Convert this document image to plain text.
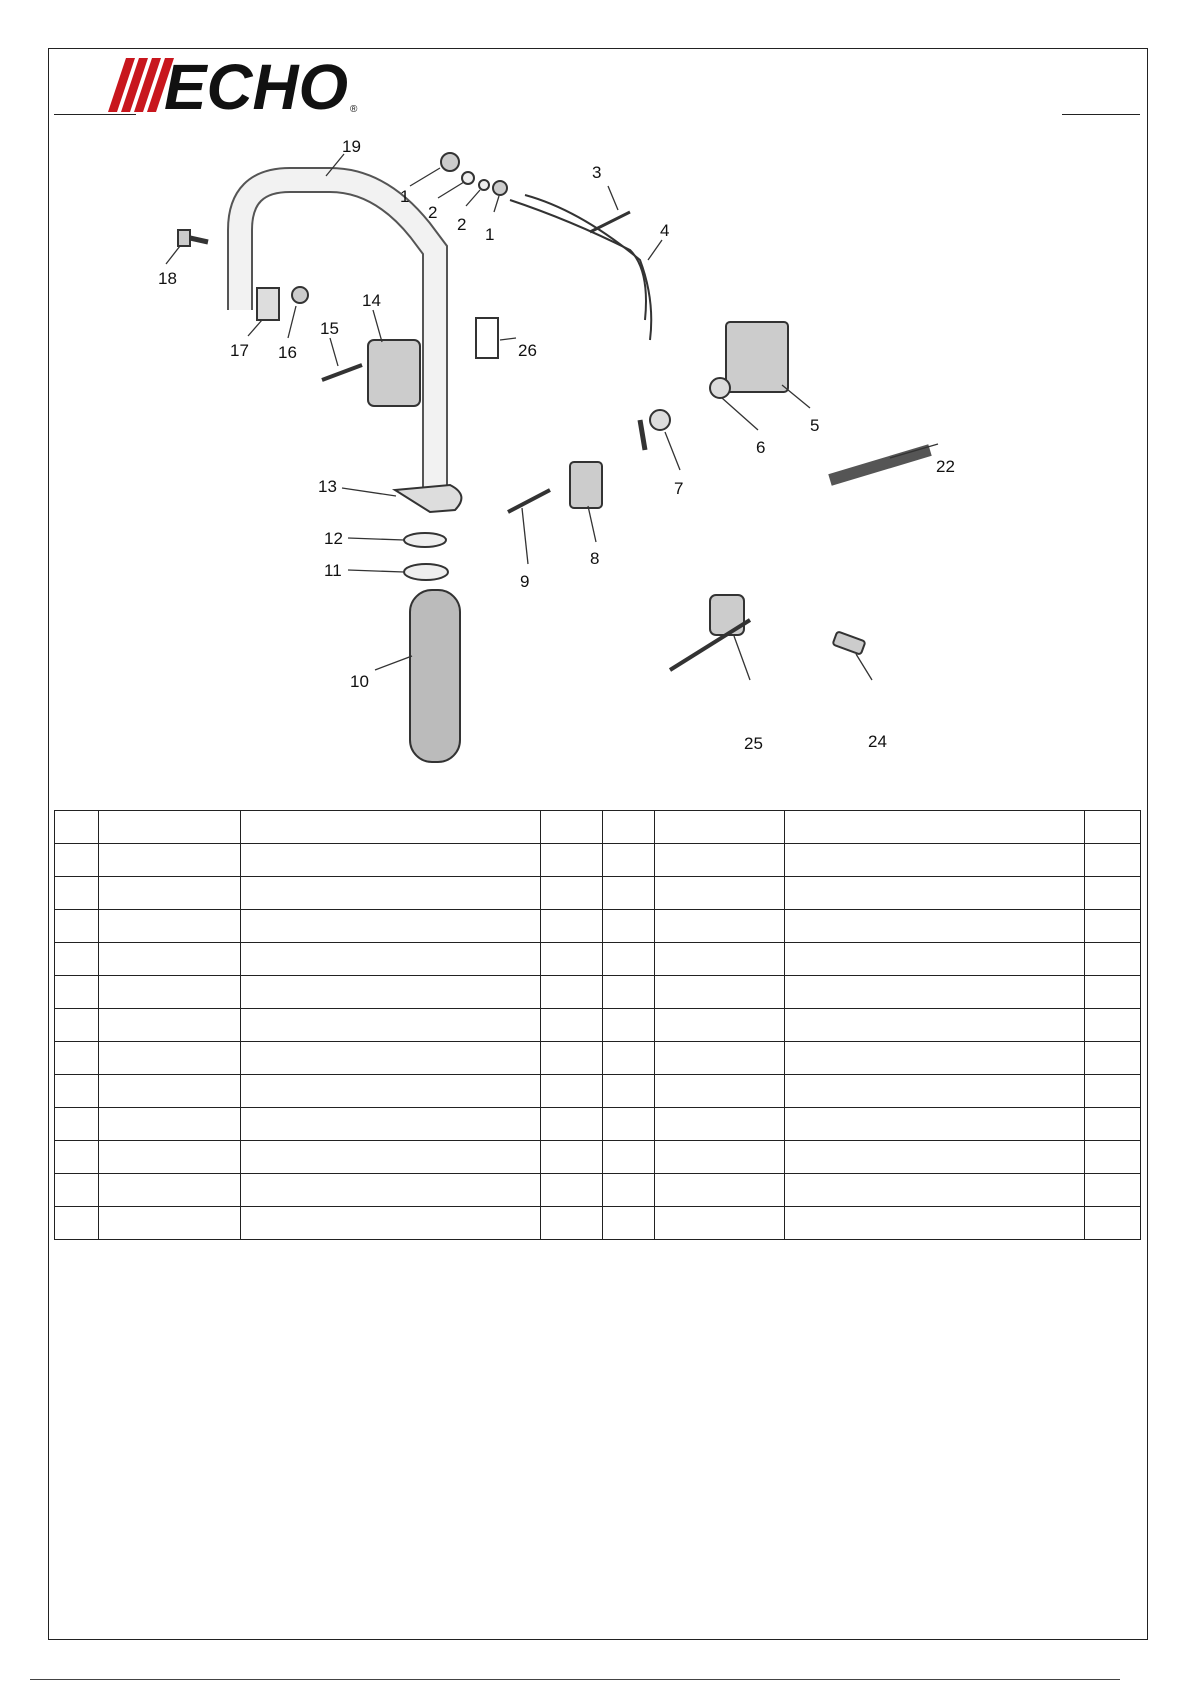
ECHO ®
1
2
2
1
3
4
5
6
7
8
9
10
11
12
13
14
15
16
17
18
19
22
24
25
26
